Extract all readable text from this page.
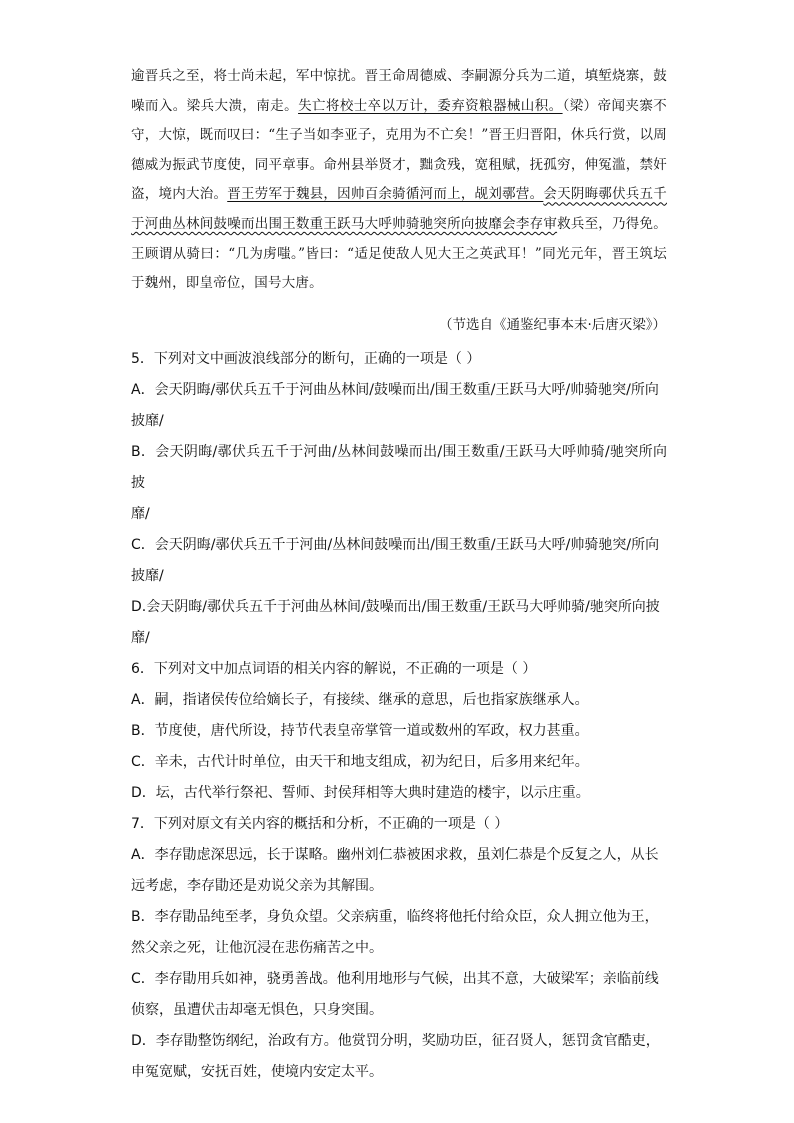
逾晋兵之至，将士尚未起，军中惊扰。晋王命周德威、李嗣源分兵为二道，填堑烧寨，鼓噪而入。梁兵大溃，南走。失亡将校士卒以万计，委弃资粮器械山积。（梁）帝闻夹寨不守，大惊，既而叹曰：“生子当如李亚子，克用为不亡矣！”晋王归晋阳，休兵行赏，以周德威为振武节度使，同平章事。命州县举贤才，黜贪残，宽租赋，抚孤穷，伸冤滥，禁奸盗，境内大治。晋王劳军于魏县，因帅百余骑循河而上，觇刘鄩营。会天阴晦鄩伏兵五千于河曲丛林间鼓噪而出围王数重王跃马大呼帅骑驰突所向披靡会李存审救兵至，乃得免。王顾谓从骑曰：“几为虏嗤。”皆曰：“适足使敌人见大王之英武耳！”同光元年，晋王筑坛于魏州，即皇帝位，国号大唐。

（节选自《通鉴纪事本末·后唐灭梁》）
5．下列对文中画波浪线部分的断句，正确的一项是（ ）
A．会天阴晦/鄩伏兵五千于河曲丛林间/鼓噪而出/围王数重/王跃马大呼/帅骑驰突/所向
披靡/
B．会天阴晦/鄩伏兵五千于河曲/丛林间鼓噪而出/围王数重/王跃马大呼帅骑/驰突所向披
靡/
C．会天阴晦/鄩伏兵五千于河曲/丛林间鼓噪而出/围王数重/王跃马大呼/帅骑驰突/所向
披靡/
D.会天阴晦/鄩伏兵五千于河曲丛林间/鼓噪而出/围王数重/王跃马大呼帅骑/驰突所向披
靡/
6．下列对文中加点词语的相关内容的解说，不正确的一项是（ ）
A．嗣，指诸侯传位给嫡长子，有接续、继承的意思，后也指家族继承人。
B．节度使，唐代所设，持节代表皇帝掌管一道或数州的军政，权力甚重。
C．辛未，古代计时单位，由天干和地支组成，初为纪日，后多用来纪年。
D．坛，古代举行祭祀、誓师、封侯拜相等大典时建造的楼宇，以示庄重。
7．下列对原文有关内容的概括和分析，不正确的一项是（ ）
A．李存勖虑深思远，长于谋略。幽州刘仁恭被困求救，虽刘仁恭是个反复之人，从长
远考虑，李存勖还是劝说父亲为其解围。
B．李存勖品纯至孝，身负众望。父亲病重，临终将他托付给众臣，众人拥立他为王，
然父亲之死，让他沉浸在悲伤痛苦之中。
C．李存勖用兵如神，骁勇善战。他利用地形与气候，出其不意，大破梁军；亲临前线
侦察，虽遭伏击却毫无惧色，只身突围。
D．李存勖整饬纲纪，治政有方。他赏罚分明，奖励功臣，征召贤人，惩罚贪官酷吏，
申冤宽赋，安抚百姓，使境内安定太平。
